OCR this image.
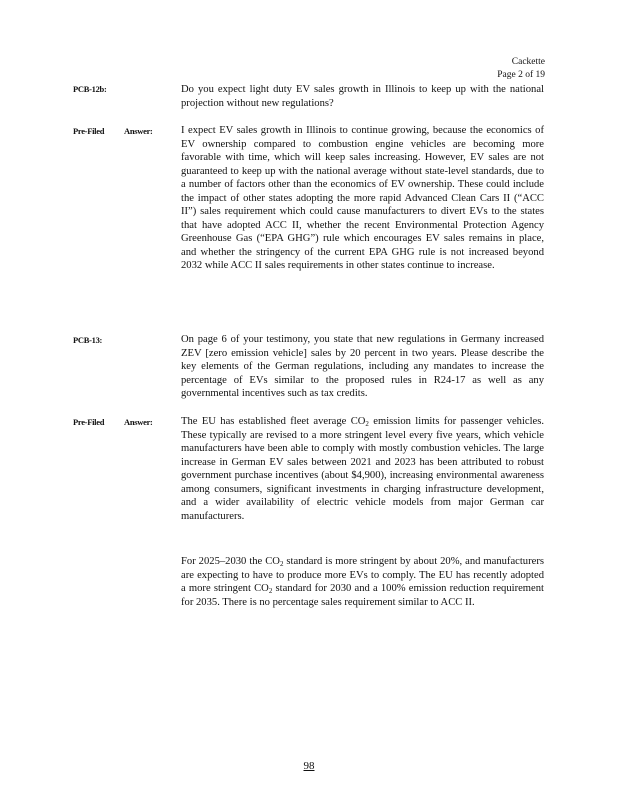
Cackette
Page 2 of 19
PCB-12b:	Do you expect light duty EV sales growth in Illinois to keep up with the national projection without new regulations?
Pre-Filed Answer:	I expect EV sales growth in Illinois to continue growing, because the economics of EV ownership compared to combustion engine vehicles are becoming more favorable with time, which will keep sales increasing. However, EV sales are not guaranteed to keep up with the national average without state-level standards, due to a number of factors other than the economics of EV ownership. These could include the impact of other states adopting the more rapid Advanced Clean Cars II (“ACC II”) sales requirement which could cause manufacturers to divert EVs to the states that have adopted ACC II, whether the recent Environmental Protection Agency Greenhouse Gas (“EPA GHG”) rule which encourages EV sales remains in place, and whether the stringency of the current EPA GHG rule is not increased beyond 2032 while ACC II sales requirements in other states continue to increase.
PCB-13:	On page 6 of your testimony, you state that new regulations in Germany increased ZEV [zero emission vehicle] sales by 20 percent in two years. Please describe the key elements of the German regulations, including any mandates to increase the percentage of EVs similar to the proposed rules in R24-17 as well as any governmental incentives such as tax credits.
Pre-Filed Answer:	The EU has established fleet average $CO_2$ emission limits for passenger vehicles. These typically are revised to a more stringent level every five years, which vehicle manufacturers have been able to comply with mostly combustion vehicles. The large increase in German EV sales between 2021 and 2023 has been attributed to robust government purchase incentives (about $4,900), increasing environmental awareness among consumers, significant investments in charging infrastructure development, and a wider availability of electric vehicle models from major German car manufacturers.
For 2025–2030 the $CO_2$ standard is more stringent by about 20%, and manufacturers are expecting to have to produce more EVs to comply. The EU has recently adopted a more stringent $CO_2$ standard for 2030 and a 100% emission reduction requirement for 2035. There is no percentage sales requirement similar to ACC II.
98
